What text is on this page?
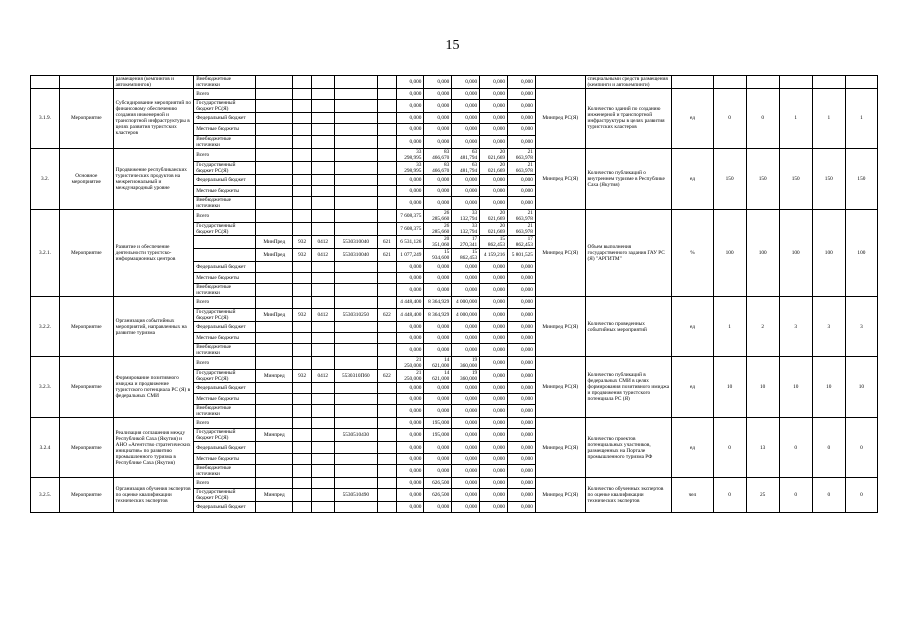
15
		размещения (кемпингов и автокемпингов)	Внебюджетные источники						0,000	0,000	0,000	0,000	0,000		специальными средств размещения (кемпинги и автокемпинги)						
3.1.9.	Мероприятие	Субсидирование мероприятий по финансовому обеспечению создания инженерной и транспортной инфраструктуры в целях развития туристских кластеров	Всего						0,000	0,000	0,000	0,000	0,000	Минпред РС(Я)	Количество зданий по созданию инженерной и транспортной инфраструктуры в целях развития туристских кластеров	ед	0	0	1	1	1
			Государственный бюджет РС(Я)						0,000	0,000	0,000	0,000	0,000								
			Федеральный бюджет						0,000	0,000	0,000	0,000	0,000								
			Местные бюджеты						0,000	0,000	0,000	0,000	0,000								
			Внебюджетные источники						0,000	0,000	0,000	0,000	0,000								
3.2.	Основное мероприятие	Продвижение республиканских туристических продуктов на межрегиональный и международный уровне	Всего						33 298,995	83 466,670	63 481,794	20 021,669	21 663,978	Минпред РС(Я)	Количество публикаций о внутреннем туризме в Республике Саха (Якутия)	ед	150	150	150	150	150
			Государственный бюджет РС(Я)						33 298,995	83 466,670	63 481,794	20 021,669	21 663,978								
			Федеральный бюджет						0,000	0,000	0,000	0,000	0,000								
			Местные бюджеты						0,000	0,000	0,000	0,000	0,000								
			Внебюджетные источники						0,000	0,000	0,000	0,000	0,000								
3.2.1.	Мероприятие	Развитие и обеспечение деятельности туристско-информационных центров	Всего						7 608,375	26 285,660	33 132,794	20 021,669	21 663,978	Минпред РС(Я)	Объем выполнения государственного задания ГАУ РС (Я) "АРГИТМ"	%	100	100	100	100	100
			Государственный бюджет РС(Я)						7 608,375	26 285,660	33 132,794	20 021,669	21 663,978								
				МинПред	932	0412	5530310040	621	6 531,126	20 351,060	17 270,341	15 862,453	17 862,453								
				МинПред	932	0412	5530310040	621	1 077,249	15 934,600	15 862,453	4 159,216	5 801,525								
			Федеральный бюджет						0,000	0,000	0,000	0,000	0,000								
			Местные бюджеты						0,000	0,000	0,000	0,000	0,000								
			Внебюджетные источники						0,000	0,000	0,000	0,000	0,000								
3.2.2.	Мероприятие	Организация событийных мероприятий, направленных на развитие туризма	Всего						4 448,400	8 364,929	4 000,000	0,000	0,000	Минпред РС(Я)	Количество проведенных событийных мероприятий	ед	1	2	3	3	3
			Государственный бюджет РС(Я)	МинПред	932	0412	5530310250	622	4 448,400	8 364,929	4 000,000	0,000	0,000								
			Федеральный бюджет						0,000	0,000	0,000	0,000	0,000								
			Местные бюджеты						0,000	0,000	0,000	0,000	0,000								
			Внебюджетные источники						0,000	0,000	0,000	0,000	0,000								
3.2.3.	Мероприятие	Формирование позитивного имиджа и продвижение туристского потенциала РС (Я) в федеральных СМИ	Всего						21 250,000	14 621,000	19 360,000	0,000	0,000	Минпред РС(Я)	Количество публикаций в федеральных СМИ в целях формирования позитивного имиджа и продвижения туристского потенциала РС (Я)	ед	10	10	10	10	10
			Государственный бюджет РС(Я)	Минпред	932	0412	5530310П60	622	21 250,000	14 621,000	19 360,000	0,000	0,000								
			Федеральный бюджет						0,000	0,000	0,000	0,000	0,000								
			Местные бюджеты						0,000	0,000	0,000	0,000	0,000								
			Внебюджетные источники						0,000	0,000	0,000	0,000	0,000								
3.2.4	Мероприятие	Реализация соглашения между Республикой Саха (Якутия) и АНО «Агентство стратегических инициатив» по развитию промышленного туризма в Республике Саха (Якутия)	Всего						0,000	195,000	0,000	0,000	0,000	Минпред РС(Я)	Количество проектов потенциальных участников, размещенных на Портале промышленного туризма РФ	ед	0	13	0	0	0
			Государственный бюджет РС(Я)	Минпред			5530510430		0,000	195,000	0,000	0,000	0,000								
			Федеральный бюджет						0,000	0,000	0,000	0,000	0,000								
			Местные бюджеты						0,000	0,000	0,000	0,000	0,000								
			Внебюджетные источники						0,000	0,000	0,000	0,000	0,000								
3.2.5.	Мероприятие	Организация обучения экспертов по оценке квалификации технических экспертов	Всего						0,000	626,500	0,000	0,000	0,000	Минпред РС(Я)	Количество обученных экспертов по оценке квалификации технических экспертов	чел	0	25	0	0	0
			Государственный бюджет РС(Я)	Минпред			5530510490		0,000	626,500	0,000	0,000	0,000								
			Федеральный бюджет						0,000	0,000	0,000	0,000	0,000								
